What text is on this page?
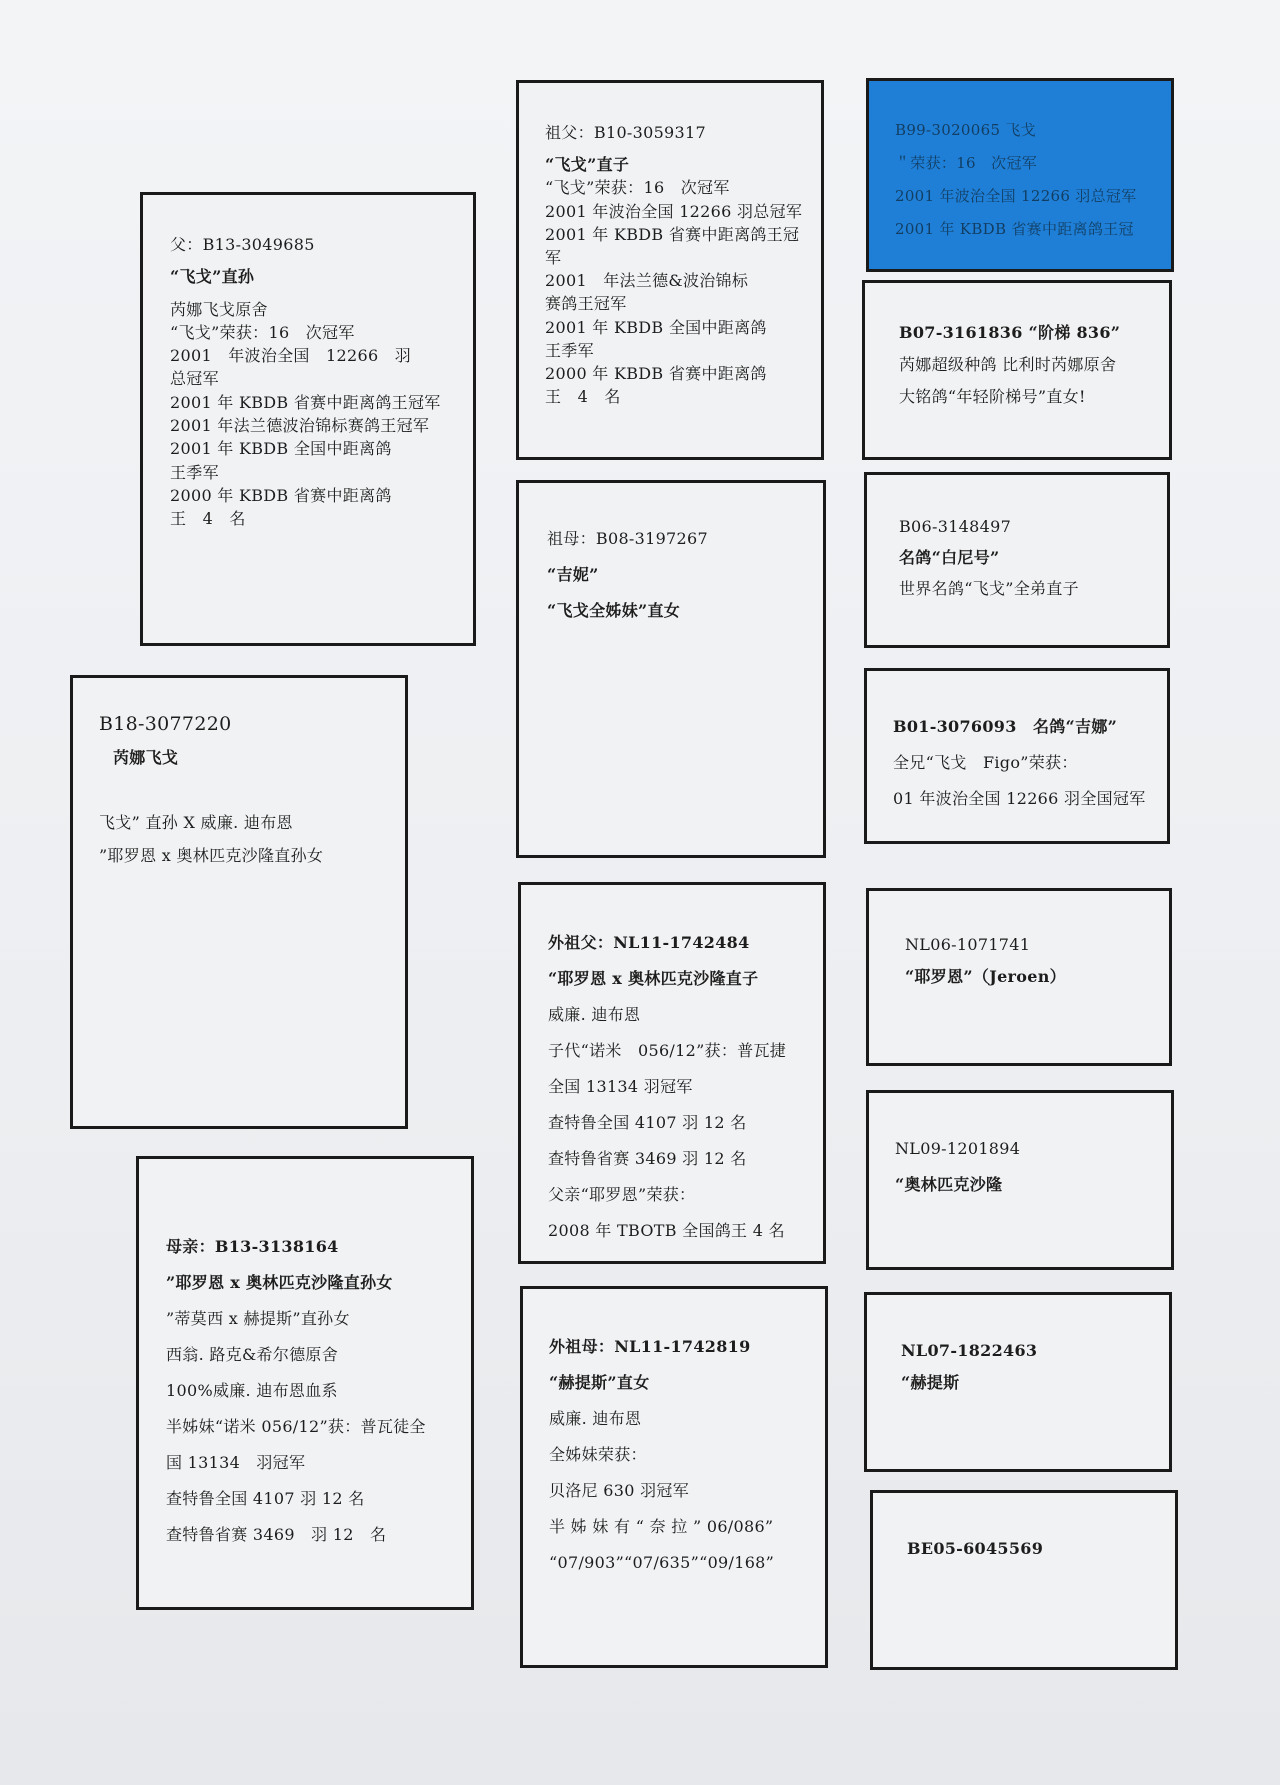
父：B13-3049685
“飞戈”直孙
芮娜飞戈原舍
“飞戈”荣获：16　次冠军
2001　年波治全国　12266　羽
总冠军
2001 年 KBDB 省赛中距离鸽王冠军
2001 年法兰德波治锦标赛鸽王冠军
2001 年 KBDB 全国中距离鸽
王季军
2000 年 KBDB 省赛中距离鸽
王　4　名
B18-3077220
芮娜飞戈
飞戈” 直孙 X 威廉. 迪布恩
”耶罗恩 x 奥林匹克沙隆直孙女
母亲：B13-3138164
”耶罗恩 x 奥林匹克沙隆直孙女
”蒂莫西 x 赫提斯”直孙女
西翁. 路克&希尔德原舍
100%威廉. 迪布恩血系
半姊妹“诺米 056/12”获：普瓦徒全
国 13134　羽冠军
查特鲁全国 4107 羽 12 名
查特鲁省赛 3469　羽 12　名
祖父：B10-3059317
“飞戈”直子
“飞戈”荣获：16　次冠军
2001 年波治全国 12266 羽总冠军
2001 年 KBDB 省赛中距离鸽王冠
军
2001　年法兰德&波治锦标
赛鸽王冠军
2001 年 KBDB 全国中距离鸽
王季军
2000 年 KBDB 省赛中距离鸽
王　4　名
祖母：B08-3197267
“吉妮”
“飞戈全姊妹”直女
外祖父：NL11-1742484
“耶罗恩 x 奥林匹克沙隆直子
威廉. 迪布恩
子代“诺米　056/12”获：普瓦捷
全国 13134 羽冠军
查特鲁全国 4107 羽 12 名
查特鲁省赛 3469 羽 12 名
父亲“耶罗恩”荣获：
2008 年 TBOTB 全国鸽王 4 名
外祖母：NL11-1742819
“赫提斯”直女
威廉. 迪布恩
全姊妹荣获：
贝洛尼 630 羽冠军
半 姊 妹 有 “ 奈 拉 ” 06/086”
“07/903”“07/635”“09/168”
B99-3020065 飞戈
＂荣获：16　次冠军
2001 年波治全国 12266 羽总冠军
2001 年 KBDB 省赛中距离鸽王冠
B07-3161836 “阶梯 836”
芮娜超级种鸽 比利时芮娜原舍
大铭鸽“年轻阶梯号”直女!
B06-3148497
名鸽“白尼号”
世界名鸽“飞戈”全弟直子
B01-3076093　名鸽“吉娜”
全兄“飞戈　Figo”荣获：
01 年波治全国 12266 羽全国冠军
NL06-1071741
“耶罗恩”（Jeroen）
NL09-1201894
“奥林匹克沙隆
NL07-1822463
“赫提斯
BE05-6045569
